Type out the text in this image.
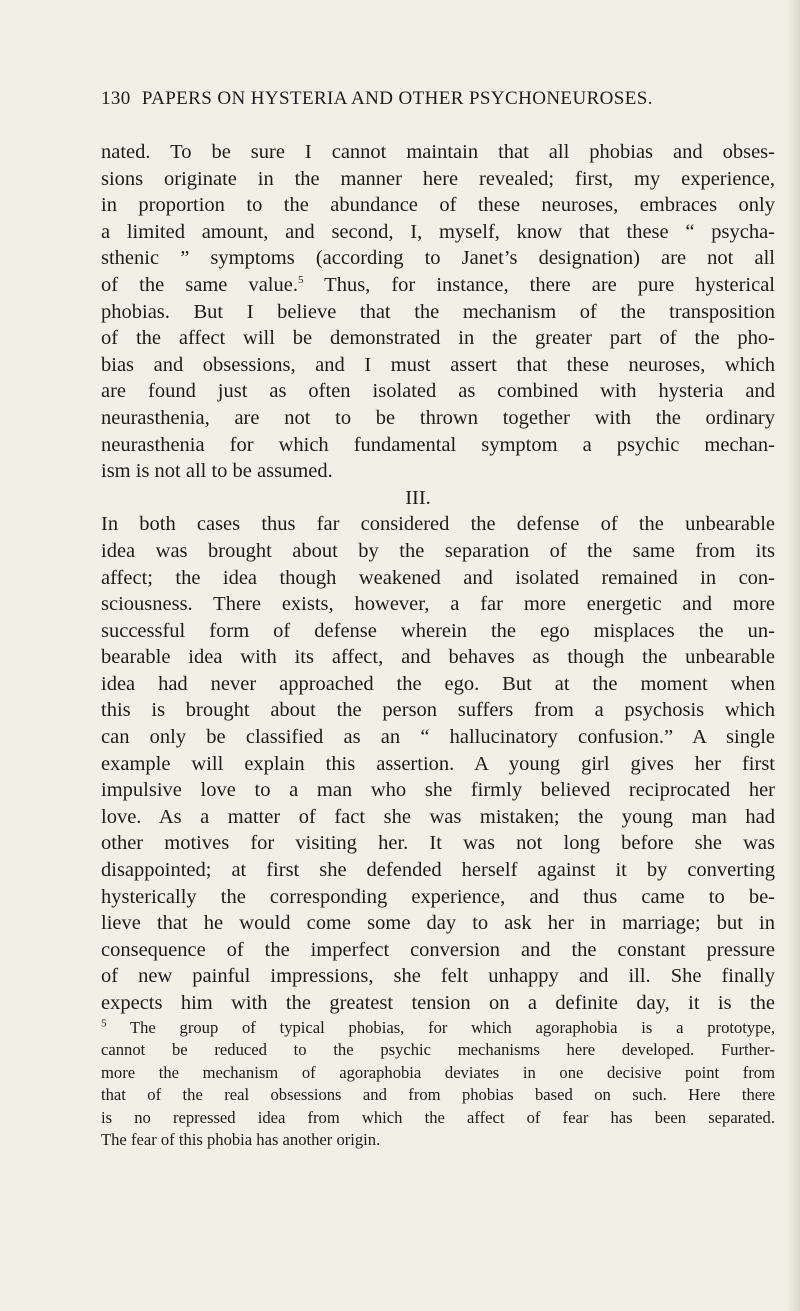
130 PAPERS ON HYSTERIA AND OTHER PSYCHONEUROSES.
nated. To be sure I cannot maintain that all phobias and obses-
sions originate in the manner here revealed; first, my experience,
in proportion to the abundance of these neuroses, embraces only
a limited amount, and second, I, myself, know that these “ psycha-
sthenic ” symptoms (according to Janet’s designation) are not all
of the same value.$^5$ Thus, for instance, there are pure hysterical
phobias. But I believe that the mechanism of the transposition
of the affect will be demonstrated in the greater part of the pho-
bias and obsessions, and I must assert that these neuroses, which
are found just as often isolated as combined with hysteria and
neurasthenia, are not to be thrown together with the ordinary
neurasthenia for which fundamental symptom a psychic mechan-
ism is not all to be assumed.
III.
In both cases thus far considered the defense of the unbearable
idea was brought about by the separation of the same from its
affect; the idea though weakened and isolated remained in con-
sciousness. There exists, however, a far more energetic and more
successful form of defense wherein the ego misplaces the un-
bearable idea with its affect, and behaves as though the unbearable
idea had never approached the ego. But at the moment when
this is brought about the person suffers from a psychosis which
can only be classified as an “ hallucinatory confusion.” A single
example will explain this assertion. A young girl gives her first
impulsive love to a man who she firmly believed reciprocated her
love. As a matter of fact she was mistaken; the young man had
other motives for visiting her. It was not long before she was
disappointed; at first she defended herself against it by converting
hysterically the corresponding experience, and thus came to be-
lieve that he would come some day to ask her in marriage; but in
consequence of the imperfect conversion and the constant pressure
of new painful impressions, she felt unhappy and ill. She finally
expects him with the greatest tension on a definite day, it is the
$^5$ The group of typical phobias, for which agoraphobia is a prototype,
cannot be reduced to the psychic mechanisms here developed. Further-
more the mechanism of agoraphobia deviates in one decisive point from
that of the real obsessions and from phobias based on such. Here there
is no repressed idea from which the affect of fear has been separated.
The fear of this phobia has another origin.
